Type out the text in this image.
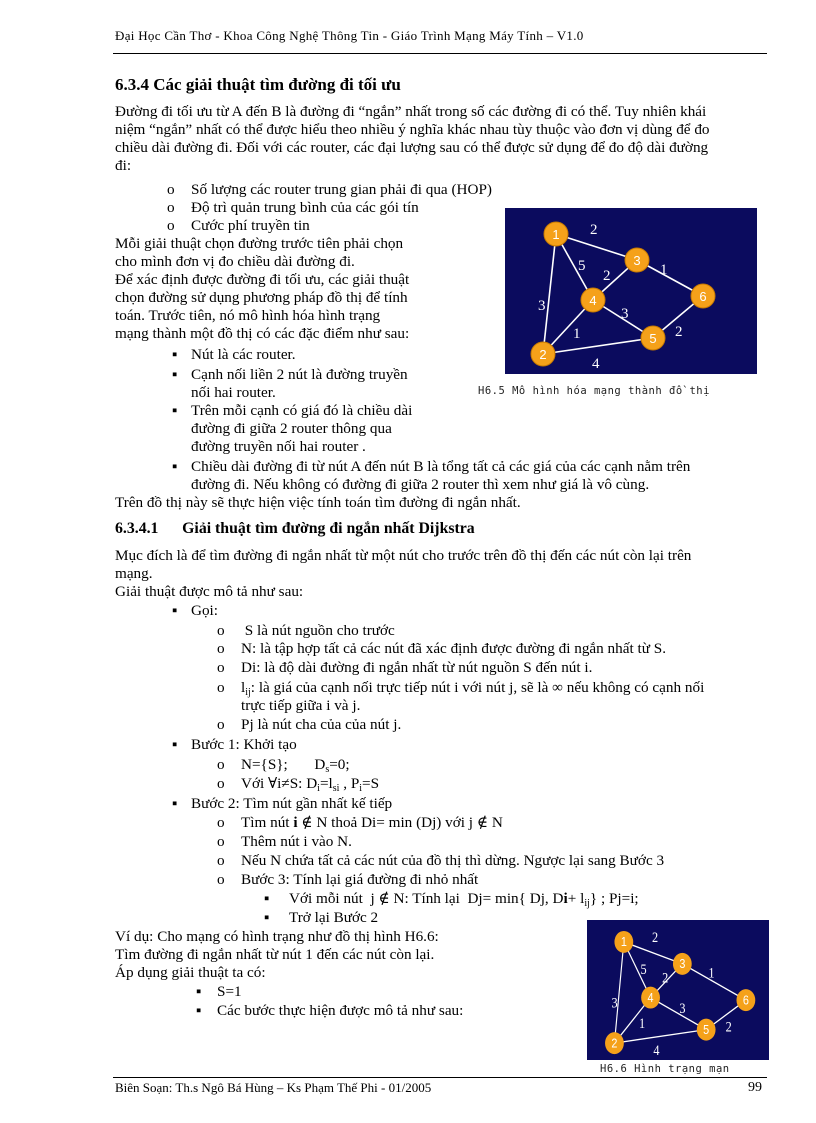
Đại Học Cần Thơ - Khoa Công Nghệ Thông Tin - Giáo Trình Mạng Máy Tính – V1.0
6.3.4 Các giải thuật tìm đường đi tối ưu
Đường đi tối ưu từ A đến B là đường đi “ngắn” nhất trong số các đường đi có thể. Tuy nhiên khái
niệm “ngắn” nhất có thể được hiểu theo nhiều ý nghĩa khác nhau tùy thuộc vào đơn vị dùng để đo
chiều dài đường đi. Đối với các router, các đại lượng sau có thể được sử dụng để đo độ dài đường
đi:
o Số lượng các router trung gian phải đi qua (HOP)
o Độ trì quản trung bình của các gói tín
o Cước phí truyền tin
Mỗi giải thuật chọn đường trước tiên phải chọn
cho mình đơn vị đo chiều dài đường đi.
Để xác định được đường đi tối ưu, các giải thuật
chọn đường sử dụng phương pháp đồ thị để tính
toán. Trước tiên, nó mô hình hóa hình trạng
mạng thành một đồ thị có các đặc điểm như sau:
▪ Nút là các router.
▪ Cạnh nối liền 2 nút là đường truyền
nối hai router.
▪ Trên mỗi cạnh có giá đó là chiều dài
đường đi giữa 2 router thông qua
đường truyền nối hai router .
▪ Chiều dài đường đi từ nút A đến nút B là tổng tất cả các giá của các cạnh nằm trên
đường đi. Nếu không có đường đi giữa 2 router thì xem như giá là vô cùng.
Trên đồ thị này sẽ thực hiện việc tính toán tìm đường đi ngắn nhất.
2
5
2
1
3
3
1
2
4
1
2
3
4
5
6
H6.5 Mô hình hóa mạng thành đồ thị
6.3.4.1      Giải thuật tìm đường đi ngắn nhất Dijkstra
Mục đích là để tìm đường đi ngắn nhất từ một nút cho trước trên đồ thị đến các nút còn lại trên
mạng.
Giải thuật được mô tả như sau:
▪ Gọi:
o S là nút nguồn cho trước
o N: là tập hợp tất cả các nút đã xác định được đường đi ngắn nhất từ S.
o Di: là độ dài đường đi ngắn nhất từ nút nguồn S đến nút i.
o $l_{ij}$: là giá của cạnh nối trực tiếp nút i với nút j, sẽ là ∞ nếu không có cạnh nối
trực tiếp giữa i và j.
o Pj là nút cha của của nút j.
▪ Bước 1: Khởi tạo
o N={S};       $D_s=0$;
o Với ∀i≠S: $D_i=l_{si}$ , $P_i=S$
▪ Bước 2: Tìm nút gần nhất kế tiếp
o Tìm nút i ∉ N thoả Di= min (Dj) với j ∉ N
o Thêm nút i vào N.
o Nếu N chứa tất cả các nút của đồ thị thì dừng. Ngược lại sang Bước 3
o Bước 3: Tính lại giá đường đi nhỏ nhất
▪ Với mỗi nút  j ∉ N: Tính lại  Dj= min{ Dj, $Di+ l_{ij}$} ; Pj=i;
▪ Trở lại Bước 2
Ví dụ: Cho mạng có hình trạng như đồ thị hình H6.6:
Tìm đường đi ngắn nhất từ nút 1 đến các nút còn lại.
Áp dụng giải thuật ta có:
▪ S=1
▪ Các bước thực hiện được mô tả như sau:
2
5
2
1
3
3
1
2
4
1
2
3
4
5
6
H6.6 Hình trạng mạn
Biên Soạn: Th.s Ngô Bá Hùng – Ks Phạm Thế Phi - 01/2005	99
